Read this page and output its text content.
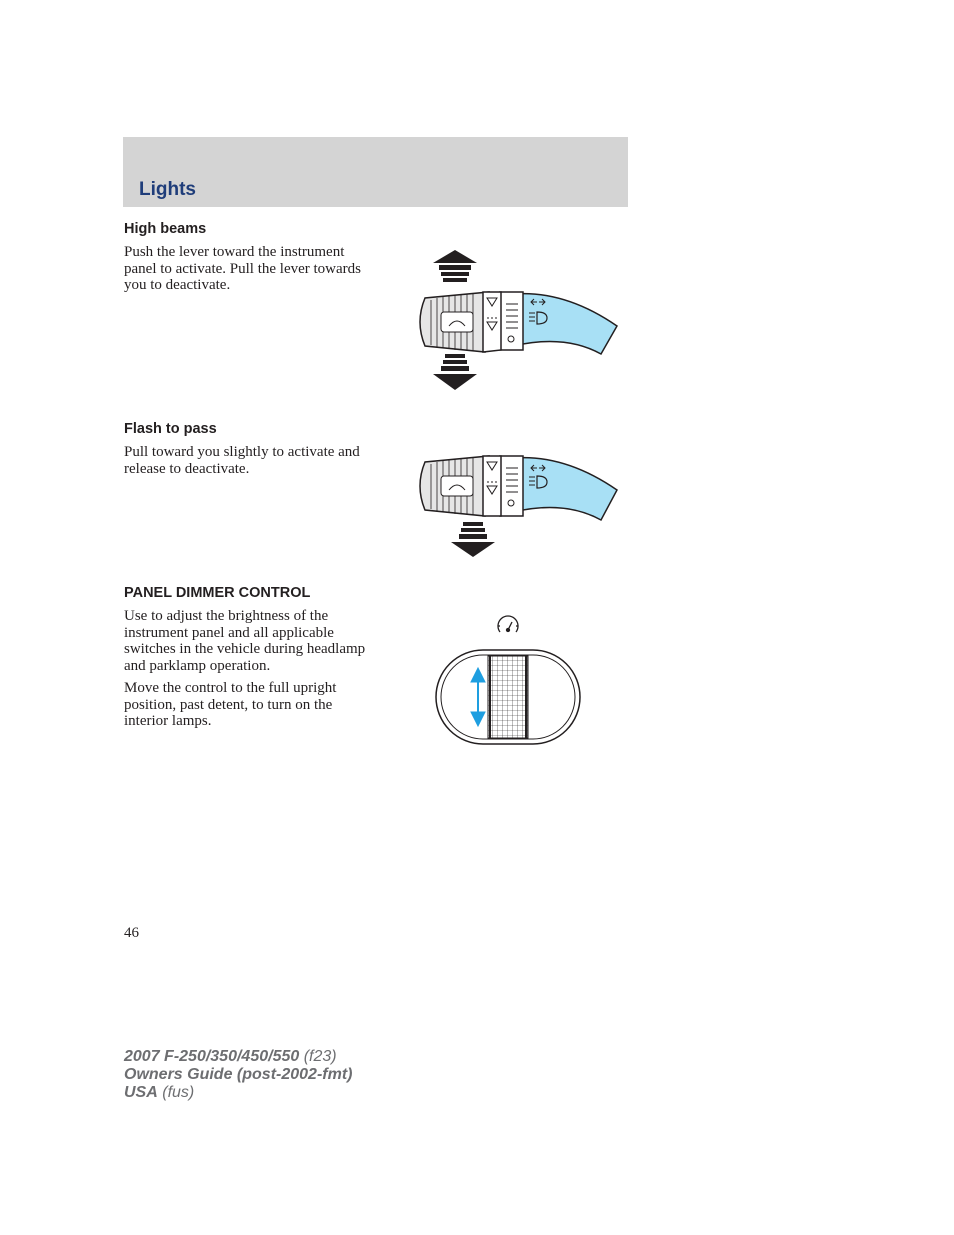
Lights
High beams

Push the lever toward the instrument panel to activate. Pull the lever towards you to deactivate.

Flash to pass

Pull toward you slightly to activate and release to deactivate.

PANEL DIMMER CONTROL

Use to adjust the brightness of the instrument panel and all applicable switches in the vehicle during headlamp and parklamp operation.

Move the control to the full upright position, past detent, to turn on the interior lamps.

46
2007 F-250/350/450/550 (f23)
Owners Guide (post-2002-fmt)
USA (fus)
